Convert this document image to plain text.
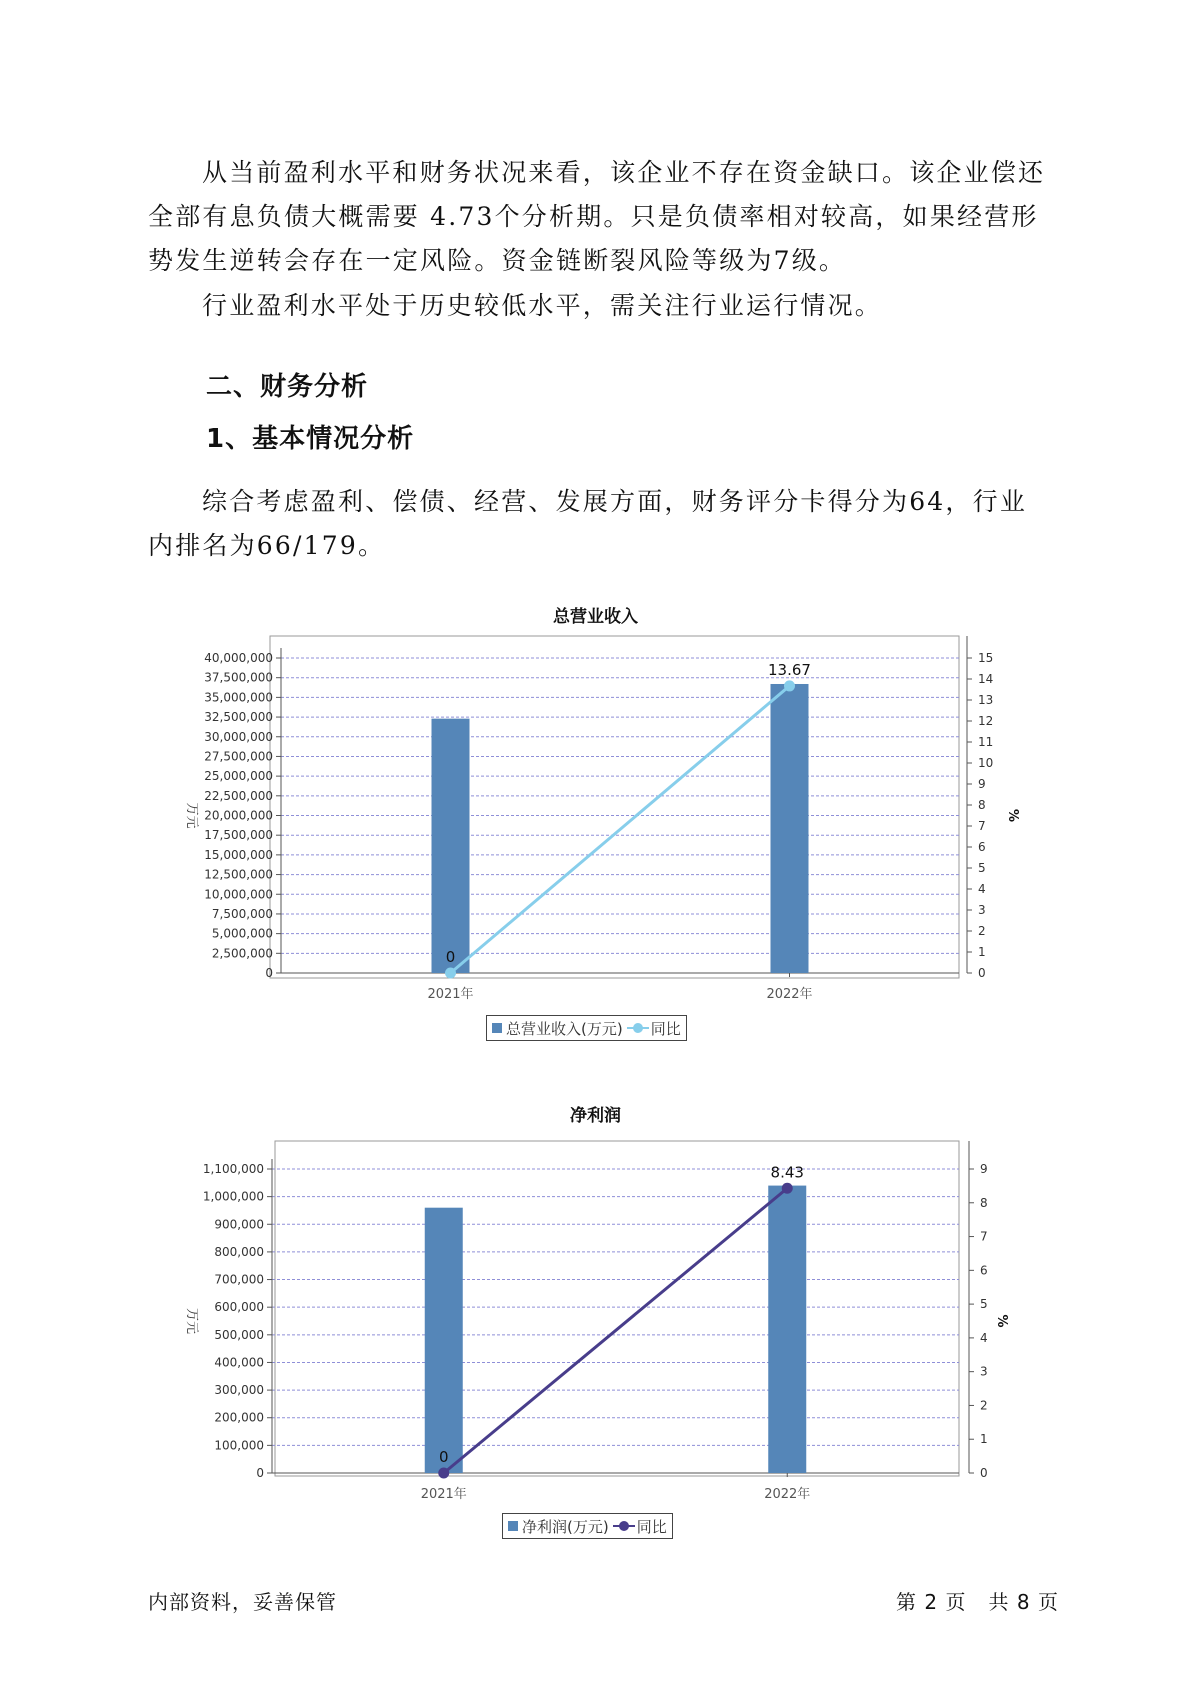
从当前盈利水平和财务状况来看，该企业不存在资金缺口。该企业偿还全部有息负债大概需要 4.73个分析期。只是负债率相对较高，如果经营形势发生逆转会存在一定风险。资金链断裂风险等级为7级。

行业盈利水平处于历史较低水平，需关注行业运行情况。

二、财务分析
1、基本情况分析

综合考虑盈利、偿债、经营、发展方面，财务评分卡得分为64，行业内排名为66/179。

总营业收入
0
2,500,000
5,000,000
7,500,000
10,000,000
12,500,000
15,000,000
17,500,000
20,000,000
22,500,000
25,000,000
27,500,000
30,000,000
32,500,000
35,000,000
37,500,000
40,000,000
0
1
2
3
4
5
6
7
8
9
10
11
12
13
14
15
万元	%
2021年	2022年
0
13.67
总营业收入(万元) 同比
净利润
0
100,000
200,000
300,000
400,000
500,000
600,000
700,000
800,000
900,000
1,000,000
1,100,000
0
1
2
3
4
5
6
7
8
9
万元	%
2021年	2022年
0
8.43
净利润(万元) 同比

内部资料，妥善保管	第 2 页   共 8 页
